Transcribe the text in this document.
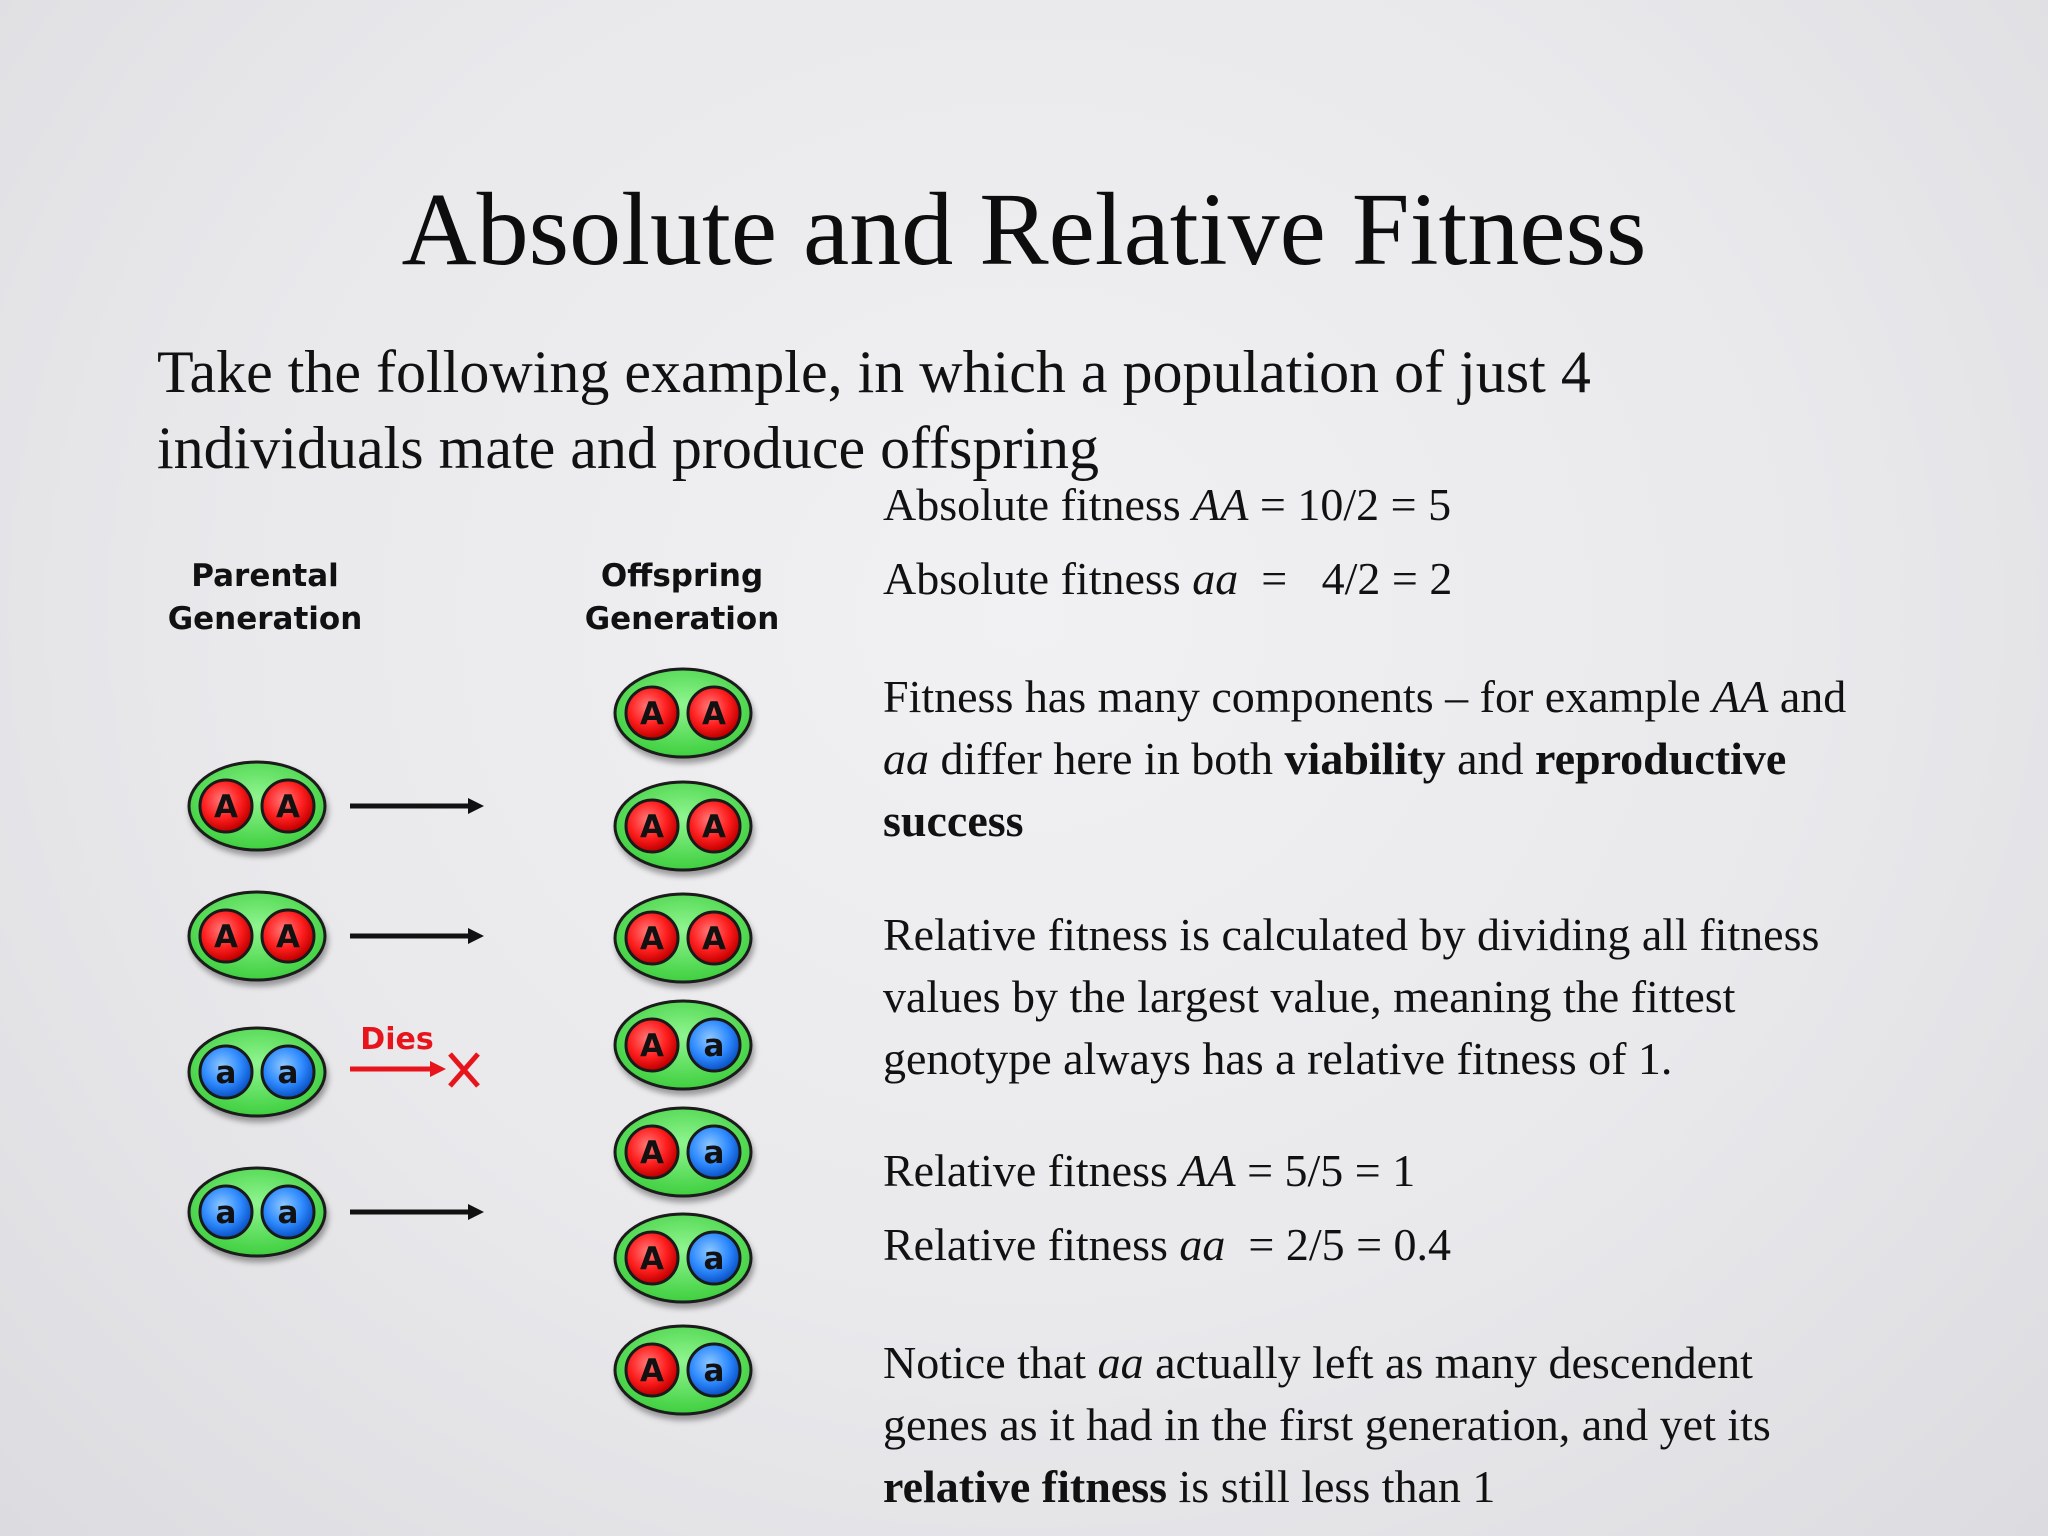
Absolute and Relative Fitness
Take the following example, in which a population of just 4
individuals mate and produce offspring
Parental
Generation
Offspring
Generation
A A
A A
a a
Dies
a a
A A
A A
A A
A a
A a
A a
A a
Absolute fitness AA = 10/2 = 5
Absolute fitness aa  =   4/2 = 2
Fitness has many components – for example AA and
aa differ here in both viability and reproductive
success
Relative fitness is calculated by dividing all fitness
values by the largest value, meaning the fittest
genotype always has a relative fitness of 1.
Relative fitness AA = 5/5 = 1
Relative fitness aa  = 2/5 = 0.4
Notice that aa actually left as many descendent
genes as it had in the first generation, and yet its
relative fitness is still less than 1
